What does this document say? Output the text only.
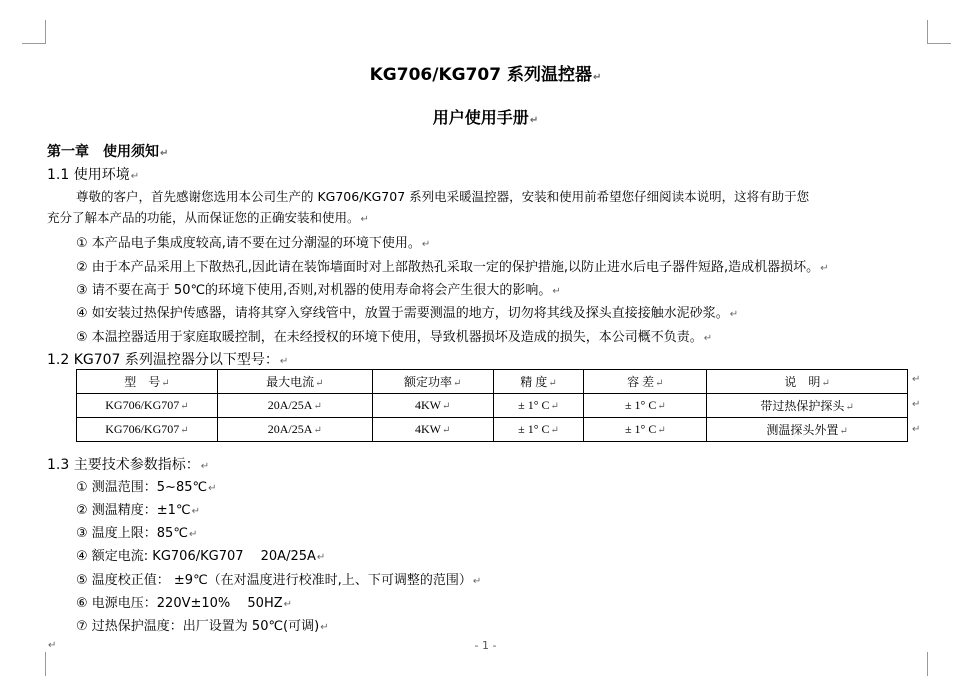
KG706/KG707 系列温控器↵
用户使用手册↵
第一章　使用须知↵
1.1 使用环境↵
尊敬的客户，首先感谢您选用本公司生产的 KG706/KG707 系列电采暖温控器，安装和使用前希望您仔细阅读本说明，这将有助于您
充分了解本产品的功能，从而保证您的正确安装和使用。↵
① 本产品电子集成度较高,请不要在过分潮湿的环境下使用。↵
② 由于本产品采用上下散热孔,因此请在装饰墙面时对上部散热孔采取一定的保护措施,以防止进水后电子器件短路,造成机器损坏。↵
③ 请不要在高于 50℃的环境下使用,否则,对机器的使用寿命将会产生很大的影响。↵
④ 如安装过热保护传感器，请将其穿入穿线管中，放置于需要测温的地方，切勿将其线及探头直接接触水泥砂浆。↵
⑤ 本温控器适用于家庭取暖控制，在未经授权的环境下使用，导致机器损坏及造成的损失，本公司概不负责。↵
1.2 KG707 系列温控器分以下型号：↵
型　号↵	最大电流↵	额定功率↵	精 度↵	容 差↵	说　明↵
KG706/KG707↵	20A/25A↵	4KW↵	± 1° C↵	± 1° C↵	带过热保护探头↵
KG706/KG707↵	20A/25A↵	4KW↵	± 1° C↵	± 1° C↵	测温探头外置↵
↵
↵
↵
1.3 主要技术参数指标：↵
① 测温范围：5~85℃↵
② 测温精度：±1℃↵
③ 温度上限：85℃↵
④ 额定电流: KG706/KG707　 20A/25A↵
⑤ 温度校正值： ±9℃（在对温度进行校准时,上、下可调整的范围）↵
⑥ 电源电压：220V±10%　 50HZ↵
⑦ 过热保护温度：出厂设置为 50℃(可调)↵
↵	- 1 -
